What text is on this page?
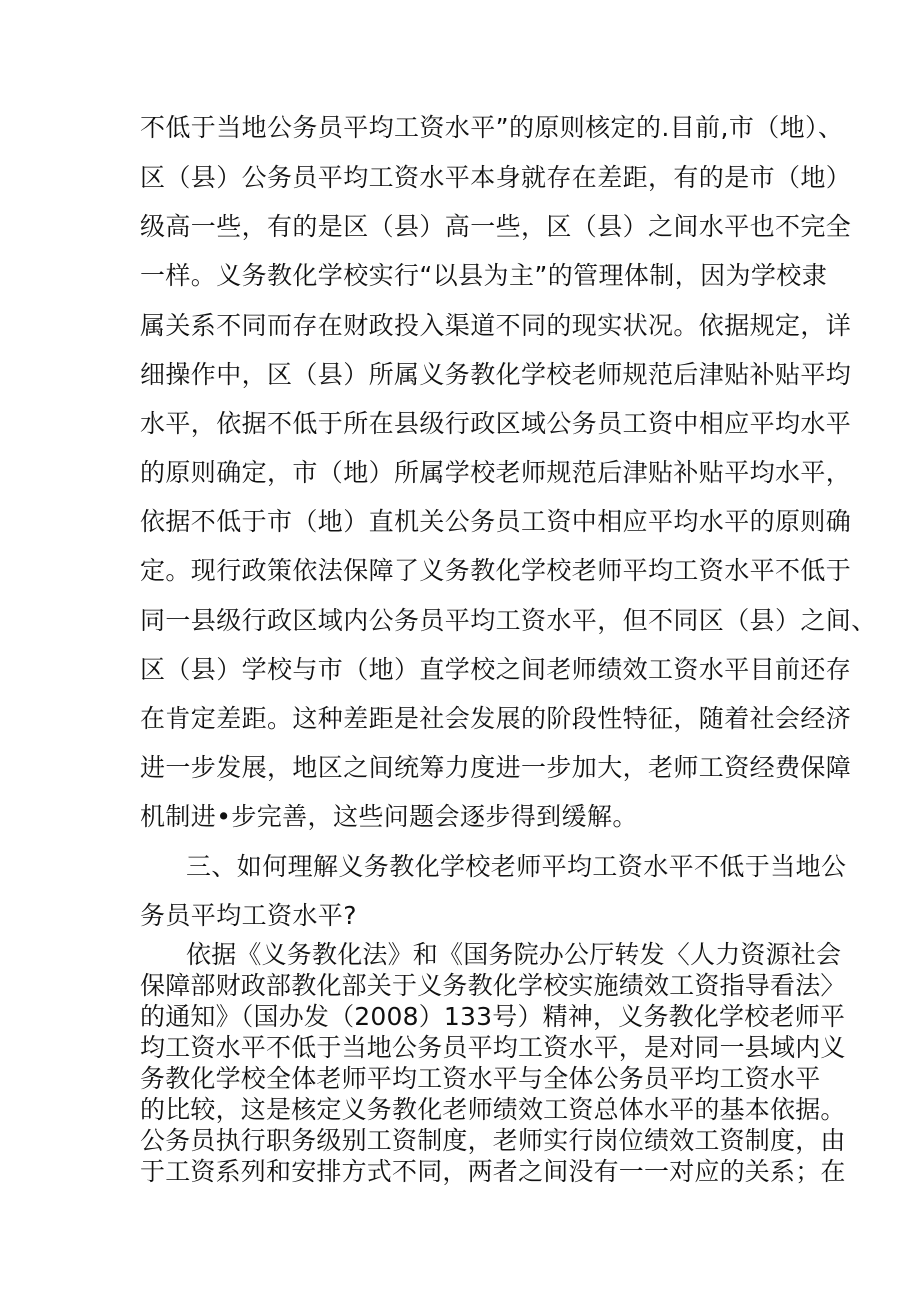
不低于当地公务员平均工资水平”的原则核定的.目前,市（地）、
区（县）公务员平均工资水平本身就存在差距，有的是市（地）
级高一些，有的是区（县）高一些，区（县）之间水平也不完全
一样。义务教化学校实行“以县为主”的管理体制，因为学校隶
属关系不同而存在财政投入渠道不同的现实状况。依据规定，详
细操作中，区（县）所属义务教化学校老师规范后津贴补贴平均
水平，依据不低于所在县级行政区域公务员工资中相应平均水平
的原则确定，市（地）所属学校老师规范后津贴补贴平均水平，
依据不低于市（地）直机关公务员工资中相应平均水平的原则确
定。现行政策依法保障了义务教化学校老师平均工资水平不低于
同一县级行政区域内公务员平均工资水平，但不同区（县）之间、
区（县）学校与市（地）直学校之间老师绩效工资水平目前还存
在肯定差距。这种差距是社会发展的阶段性特征，随着社会经济
进一步发展，地区之间统筹力度进一步加大，老师工资经费保障
机制进•步完善，这些问题会逐步得到缓解。
三、如何理解义务教化学校老师平均工资水平不低于当地公
务员平均工资水平?
依据《义务教化法》和《国务院办公厅转发〈人力资源社会
保障部财政部教化部关于义务教化学校实施绩效工资指导看法〉
的通知》（国办发（2008）133号）精神，义务教化学校老师平
均工资水平不低于当地公务员平均工资水平，是对同一县域内义
务教化学校全体老师平均工资水平与全体公务员平均工资水平
的比较，这是核定义务教化老师绩效工资总体水平的基本依据。
公务员执行职务级别工资制度，老师实行岗位绩效工资制度，由
于工资系列和安排方式不同，两者之间没有一一对应的关系；在
